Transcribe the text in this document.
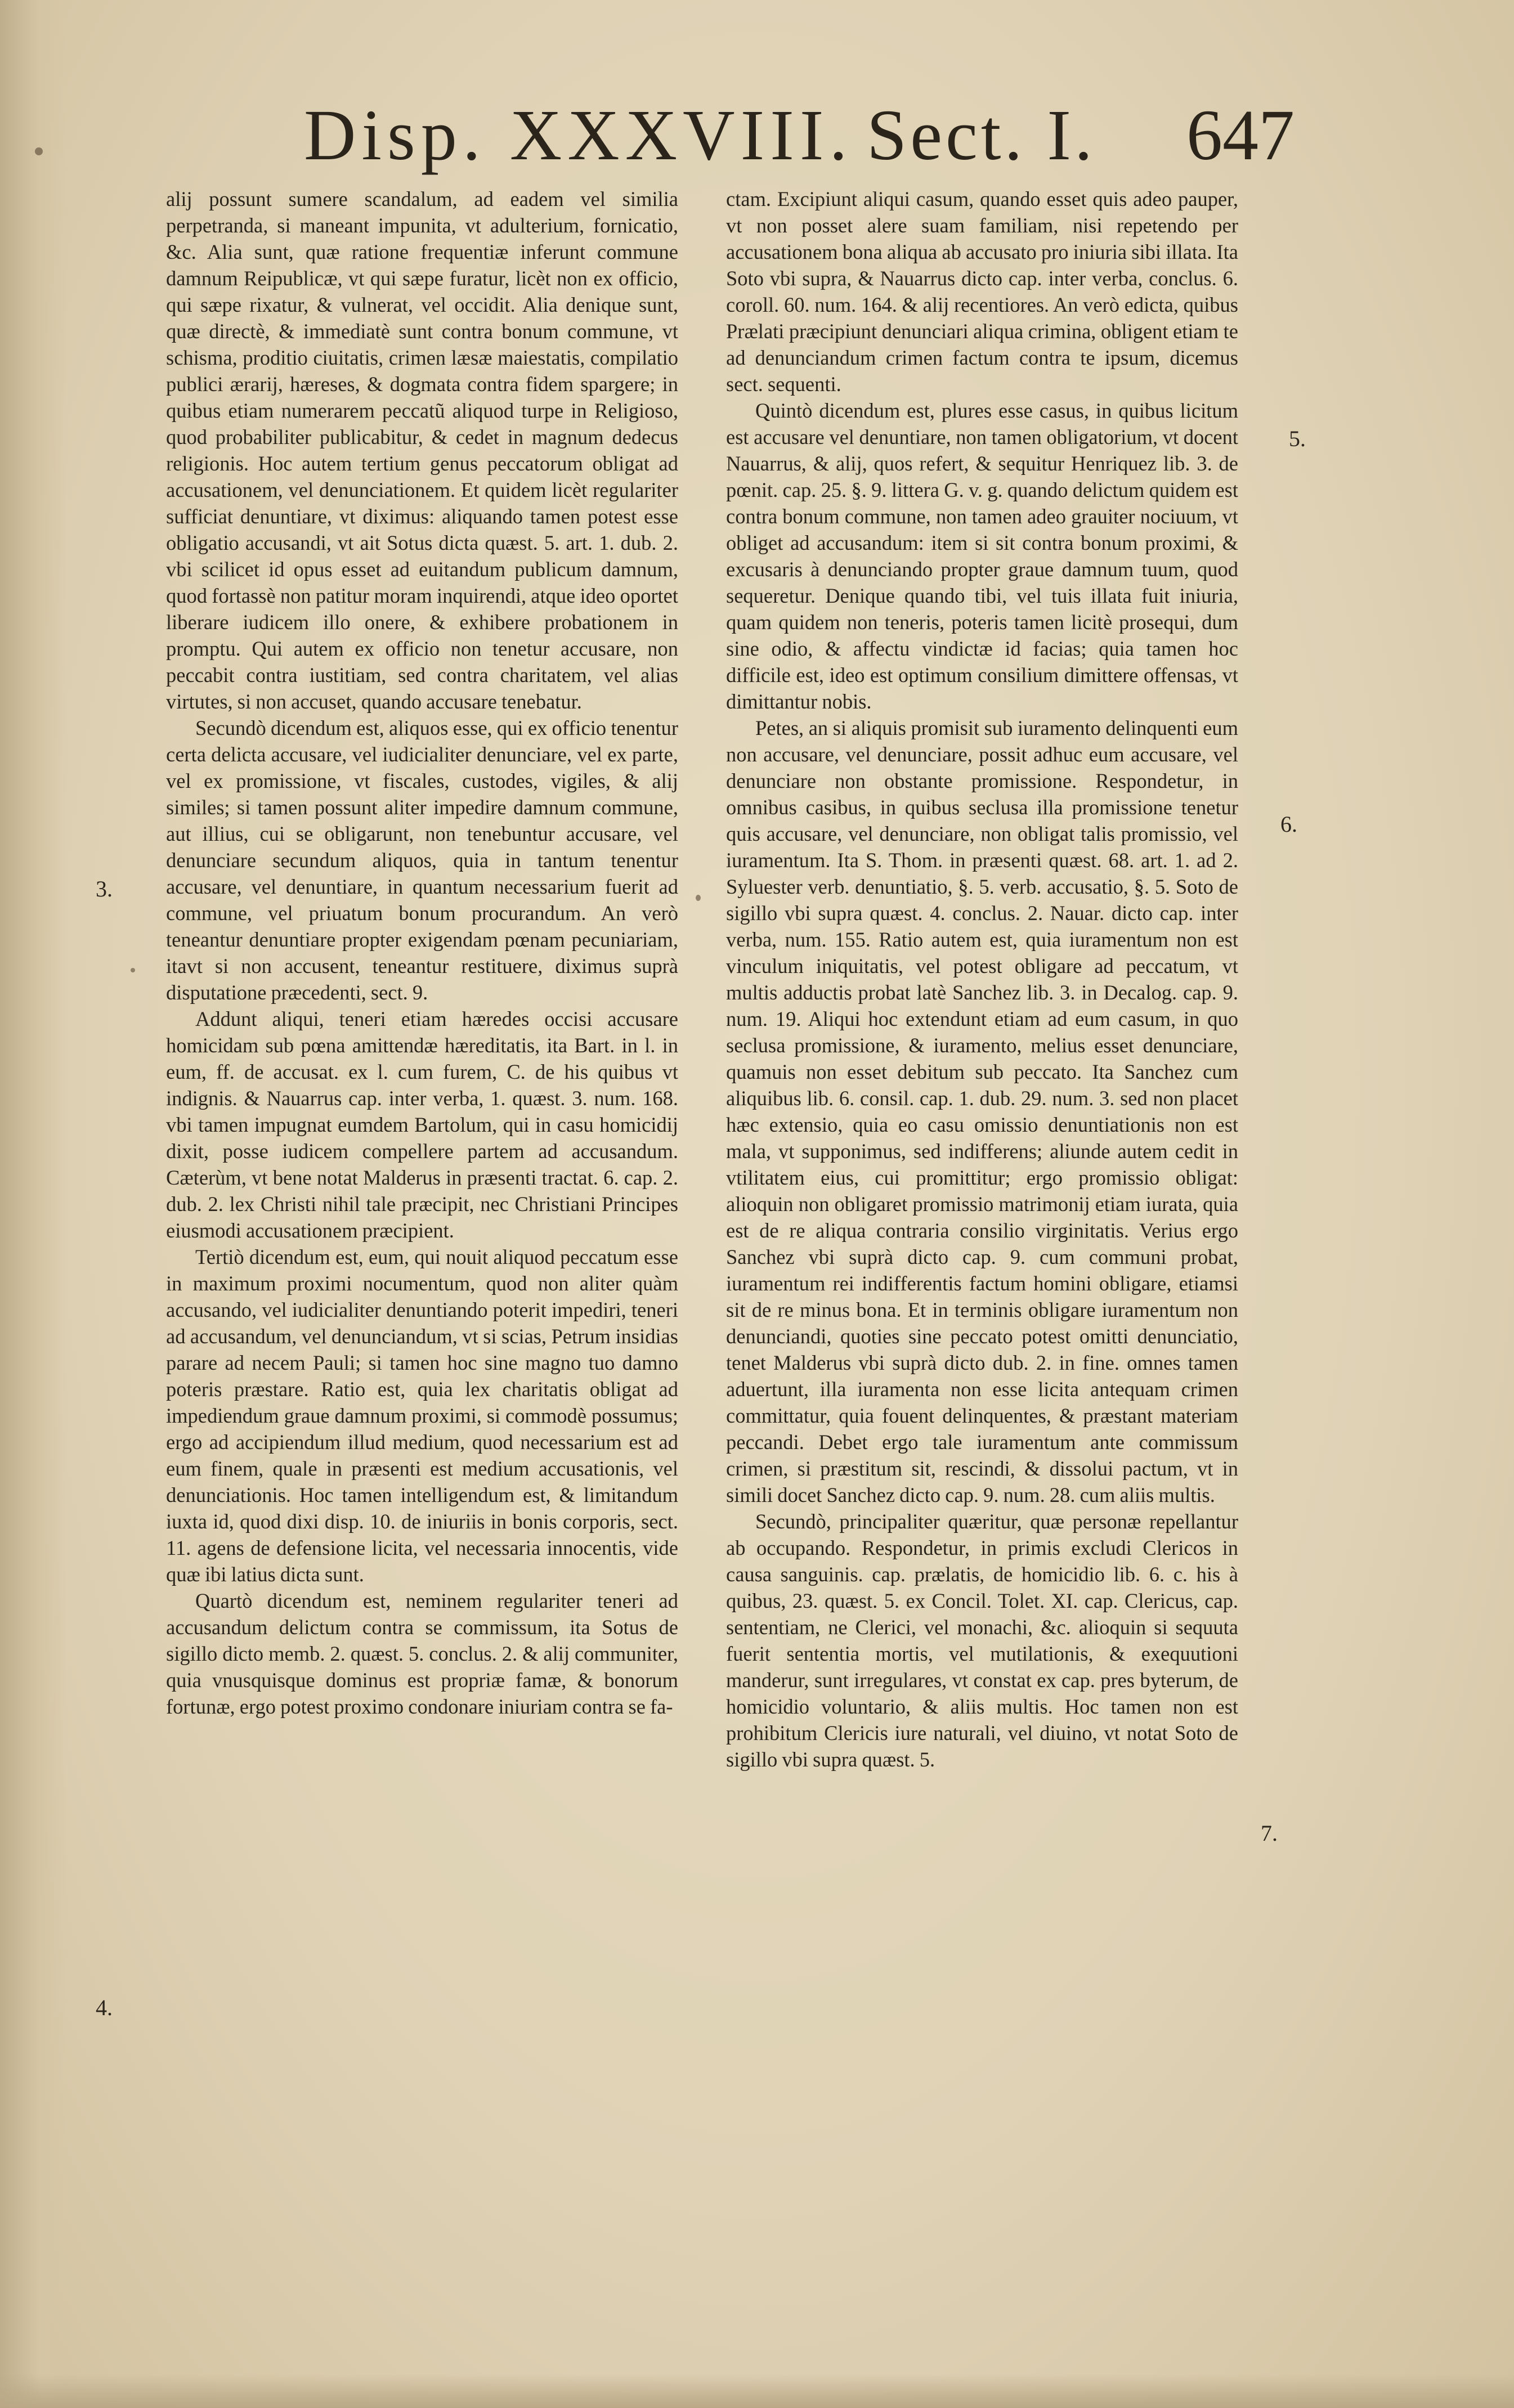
Disp. XXXVIII. Sect. I. 647
3.
4.
5.
6.
7.

alij possunt sumere scandalum, ad eadem vel similia perpetranda, si maneant impunita, vt adulterium, fornicatio, &c. Alia sunt, quæ ratione frequentiæ inferunt commune damnum Reipublicæ, vt qui sæpe furatur, licèt non ex officio, qui sæpe rixatur, & vulnerat, vel occidit. Alia denique sunt, quæ directè, & immediatè sunt contra bonum commune, vt schisma, proditio ciuitatis, crimen læsæ maiestatis, compilatio publici ærarij, hæreses, & dogmata contra fidem spargere; in quibus etiam numerarem peccatũ aliquod turpe in Religioso, quod probabiliter publicabitur, & cedet in magnum dedecus religionis. Hoc autem tertium genus peccatorum obligat ad accusationem, vel denunciationem. Et quidem licèt regulariter sufficiat denuntiare, vt diximus: aliquando tamen potest esse obligatio accusandi, vt ait Sotus dicta quæst. 5. art. 1. dub. 2. vbi scilicet id opus esset ad euitandum publicum damnum, quod fortassè non patitur moram inquirendi, atque ideo oportet liberare iudicem illo onere, & exhibere probationem in promptu. Qui autem ex officio non tenetur accusare, non peccabit contra iustitiam, sed contra charitatem, vel alias virtutes, si non accuset, quando accusare tenebatur.

Secundò dicendum est, aliquos esse, qui ex officio tenentur certa delicta accusare, vel iudicialiter denunciare, vel ex parte, vel ex promissione, vt fiscales, custodes, vigiles, & alij similes; si tamen possunt aliter impedire damnum commune, aut illius, cui se obligarunt, non tenebuntur accusare, vel denunciare secundum aliquos, quia in tantum tenentur accusare, vel denuntiare, in quantum necessarium fuerit ad commune, vel priuatum bonum procurandum. An verò teneantur denuntiare propter exigendam pœnam pecuniariam, itavt si non accusent, teneantur restituere, diximus suprà disputatione præcedenti, sect. 9.

Addunt aliqui, teneri etiam hæredes occisi accusare homicidam sub pœna amittendæ hæreditatis, ita Bart. in l. in eum, ff. de accusat. ex l. cum furem, C. de his quibus vt indignis. & Nauarrus cap. inter verba, 1. quæst. 3. num. 168. vbi tamen impugnat eumdem Bartolum, qui in casu homicidij dixit, posse iudicem compellere partem ad accusandum. Cæterùm, vt bene notat Malderus in præsenti tractat. 6. cap. 2. dub. 2. lex Christi nihil tale præcipit, nec Christiani Principes eiusmodi accusationem præcipient.

Tertiò dicendum est, eum, qui nouit aliquod peccatum esse in maximum proximi nocumentum, quod non aliter quàm accusando, vel iudicialiter denuntiando poterit impediri, teneri ad accusandum, vel denunciandum, vt si scias, Petrum insidias parare ad necem Pauli; si tamen hoc sine magno tuo damno poteris præstare. Ratio est, quia lex charitatis obligat ad impediendum graue damnum proximi, si commodè possumus; ergo ad accipiendum illud medium, quod necessarium est ad eum finem, quale in præsenti est medium accusationis, vel denunciationis. Hoc tamen intelligendum est, & limitandum iuxta id, quod dixi disp. 10. de iniuriis in bonis corporis, sect. 11. agens de defensione licita, vel necessaria innocentis, vide quæ ibi latius dicta sunt.

Quartò dicendum est, neminem regulariter teneri ad accusandum delictum contra se commissum, ita Sotus de sigillo dicto memb. 2. quæst. 5. conclus. 2. & alij communiter, quia vnusquisque dominus est propriæ famæ, & bonorum fortunæ, ergo potest proximo condonare iniuriam contra se fa-

ctam. Excipiunt aliqui casum, quando esset quis adeo pauper, vt non posset alere suam familiam, nisi repetendo per accusationem bona aliqua ab accusato pro iniuria sibi illata. Ita Soto vbi supra, & Nauarrus dicto cap. inter verba, conclus. 6. coroll. 60. num. 164. & alij recentiores. An verò edicta, quibus Prælati præcipiunt denunciari aliqua crimina, obligent etiam te ad denunciandum crimen factum contra te ipsum, dicemus sect. sequenti.

Quintò dicendum est, plures esse casus, in quibus licitum est accusare vel denuntiare, non tamen obligatorium, vt docent Nauarrus, & alij, quos refert, & sequitur Henriquez lib. 3. de pœnit. cap. 25. §. 9. littera G. v. g. quando delictum quidem est contra bonum commune, non tamen adeo grauiter nociuum, vt obliget ad accusandum: item si sit contra bonum proximi, & excusaris à denunciando propter graue damnum tuum, quod sequeretur. Denique quando tibi, vel tuis illata fuit iniuria, quam quidem non teneris, poteris tamen licitè prosequi, dum sine odio, & affectu vindictæ id facias; quia tamen hoc difficile est, ideo est optimum consilium dimittere offensas, vt dimittantur nobis.

Petes, an si aliquis promisit sub iuramento delinquenti eum non accusare, vel denunciare, possit adhuc eum accusare, vel denunciare non obstante promissione. Respondetur, in omnibus casibus, in quibus seclusa illa promissione tenetur quis accusare, vel denunciare, non obligat talis promissio, vel iuramentum. Ita S. Thom. in præsenti quæst. 68. art. 1. ad 2. Syluester verb. denuntiatio, §. 5. verb. accusatio, §. 5. Soto de sigillo vbi supra quæst. 4. conclus. 2. Nauar. dicto cap. inter verba, num. 155. Ratio autem est, quia iuramentum non est vinculum iniquitatis, vel potest obligare ad peccatum, vt multis adductis probat latè Sanchez lib. 3. in Decalog. cap. 9. num. 19. Aliqui hoc extendunt etiam ad eum casum, in quo seclusa promissione, & iuramento, melius esset denunciare, quamuis non esset debitum sub peccato. Ita Sanchez cum aliquibus lib. 6. consil. cap. 1. dub. 29. num. 3. sed non placet hæc extensio, quia eo casu omissio denuntiationis non est mala, vt supponimus, sed indifferens; aliunde autem cedit in vtilitatem eius, cui promittitur; ergo promissio obligat: alioquin non obligaret promissio matrimonij etiam iurata, quia est de re aliqua contraria consilio virginitatis. Verius ergo Sanchez vbi suprà dicto cap. 9. cum communi probat, iuramentum rei indifferentis factum homini obligare, etiamsi sit de re minus bona. Et in terminis obligare iuramentum non denunciandi, quoties sine peccato potest omitti denunciatio, tenet Malderus vbi suprà dicto dub. 2. in fine. omnes tamen aduertunt, illa iuramenta non esse licita antequam crimen committatur, quia fouent delinquentes, & præstant materiam peccandi. Debet ergo tale iuramentum ante commissum crimen, si præstitum sit, rescindi, & dissolui pactum, vt in simili docet Sanchez dicto cap. 9. num. 28. cum aliis multis.

Secundò, principaliter quæritur, quæ personæ repellantur ab occupando. Respondetur, in primis excludi Clericos in causa sanguinis. cap. prælatis, de homicidio lib. 6. c. his à quibus, 23. quæst. 5. ex Concil. Tolet. XI. cap. Clericus, cap. sententiam, ne Clerici, vel monachi, &c. alioquin si sequuta fuerit sententia mortis, vel mutilationis, & exequutioni manderur, sunt irregulares, vt constat ex cap. pres byterum, de homicidio voluntario, & aliis multis. Hoc tamen non est prohibitum Clericis iure naturali, vel diuino, vt notat Soto de sigillo vbi supra quæst. 5.
